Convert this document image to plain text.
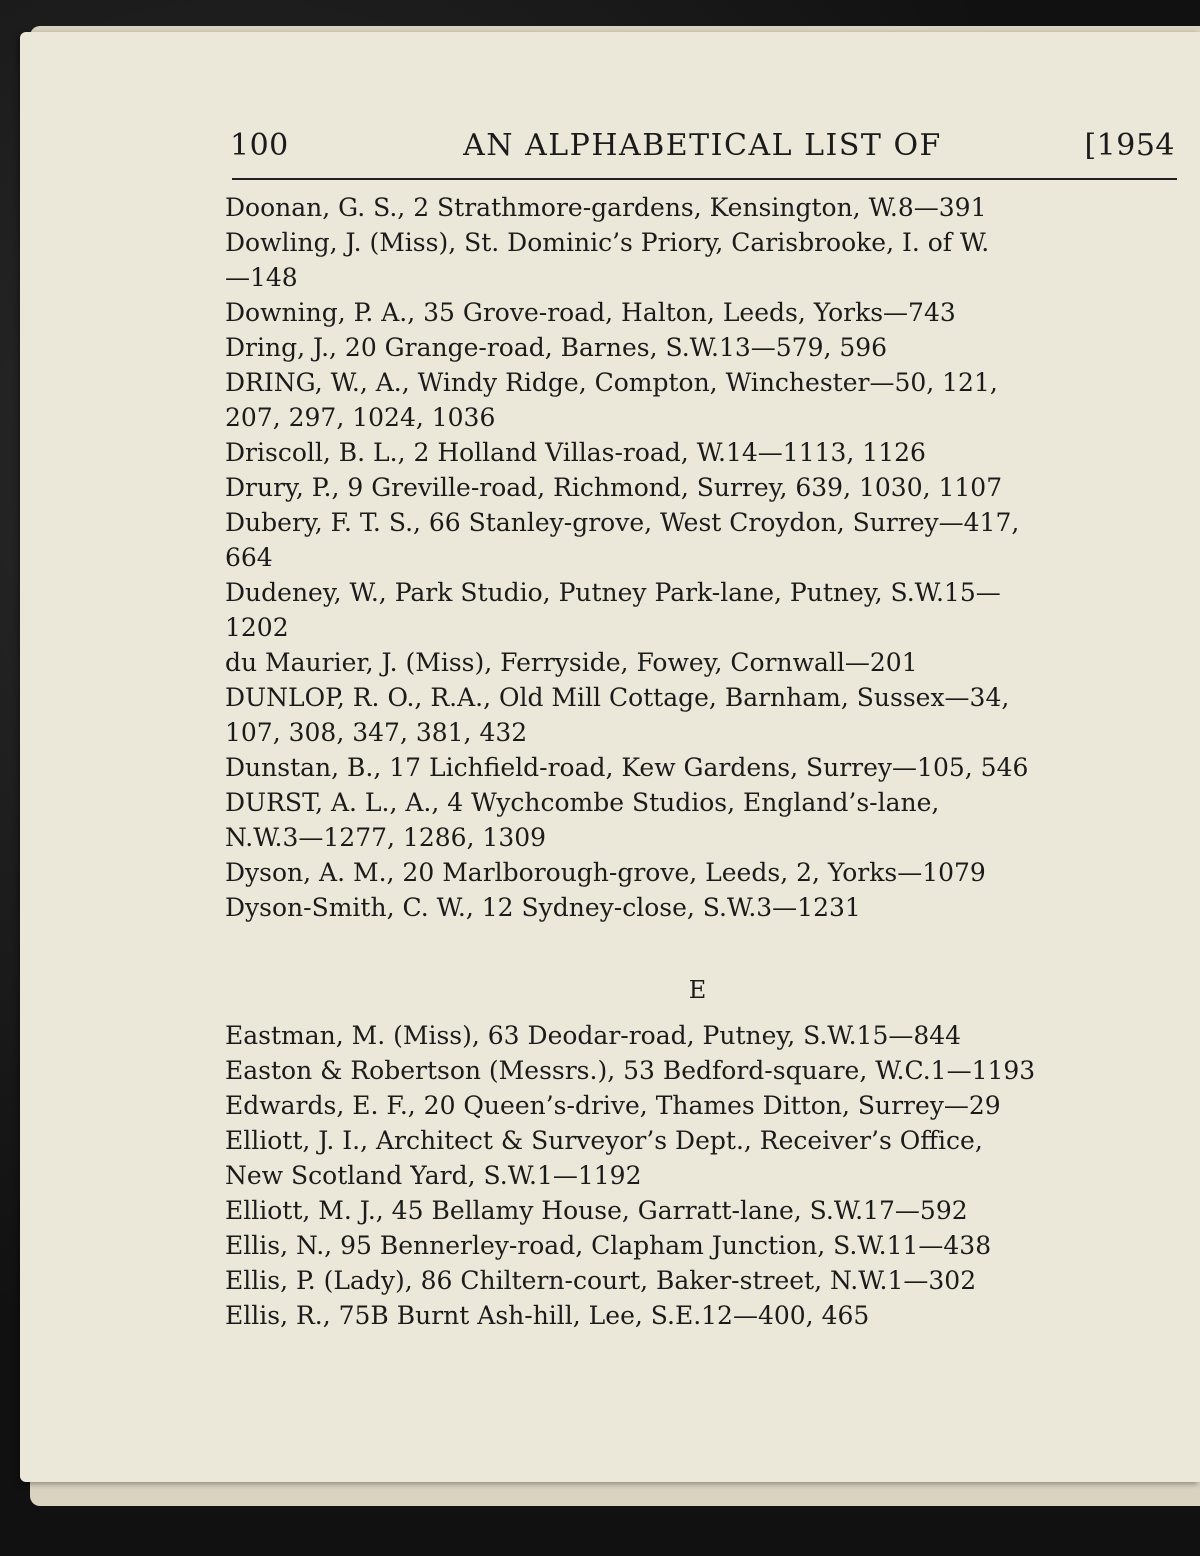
100	AN ALPHABETICAL LIST OF	[1954

Doonan, G. S., 2 Strathmore-gardens, Kensington, W.8—391

Dowling, J. (Miss), St. Dominic’s Priory, Carisbrooke, I. of W.
—148

Downing, P. A., 35 Grove-road, Halton, Leeds, Yorks—743

Dring, J., 20 Grange-road, Barnes, S.W.13—579, 596

DRING, W., A., Windy Ridge, Compton, Winchester—50, 121,
207, 297, 1024, 1036

Driscoll, B. L., 2 Holland Villas-road, W.14—1113, 1126

Drury, P., 9 Greville-road, Richmond, Surrey, 639, 1030, 1107

Dubery, F. T. S., 66 Stanley-grove, West Croydon, Surrey—417,
664

Dudeney, W., Park Studio, Putney Park-lane, Putney, S.W.15—
1202

du Maurier, J. (Miss), Ferryside, Fowey, Cornwall—201

DUNLOP, R. O., R.A., Old Mill Cottage, Barnham, Sussex—34,
107, 308, 347, 381, 432

Dunstan, B., 17 Lichfield-road, Kew Gardens, Surrey—105, 546

DURST, A. L., A., 4 Wychcombe Studios, England’s-lane,
N.W.3—1277, 1286, 1309

Dyson, A. M., 20 Marlborough-grove, Leeds, 2, Yorks—1079

Dyson-Smith, C. W., 12 Sydney-close, S.W.3—1231

E

Eastman, M. (Miss), 63 Deodar-road, Putney, S.W.15—844

Easton & Robertson (Messrs.), 53 Bedford-square, W.C.1—1193

Edwards, E. F., 20 Queen’s-drive, Thames Ditton, Surrey—29

Elliott, J. I., Architect & Surveyor’s Dept., Receiver’s Office,
New Scotland Yard, S.W.1—1192

Elliott, M. J., 45 Bellamy House, Garratt-lane, S.W.17—592

Ellis, N., 95 Bennerley-road, Clapham Junction, S.W.11—438

Ellis, P. (Lady), 86 Chiltern-court, Baker-street, N.W.1—302

Ellis, R., 75B Burnt Ash-hill, Lee, S.E.12—400, 465
